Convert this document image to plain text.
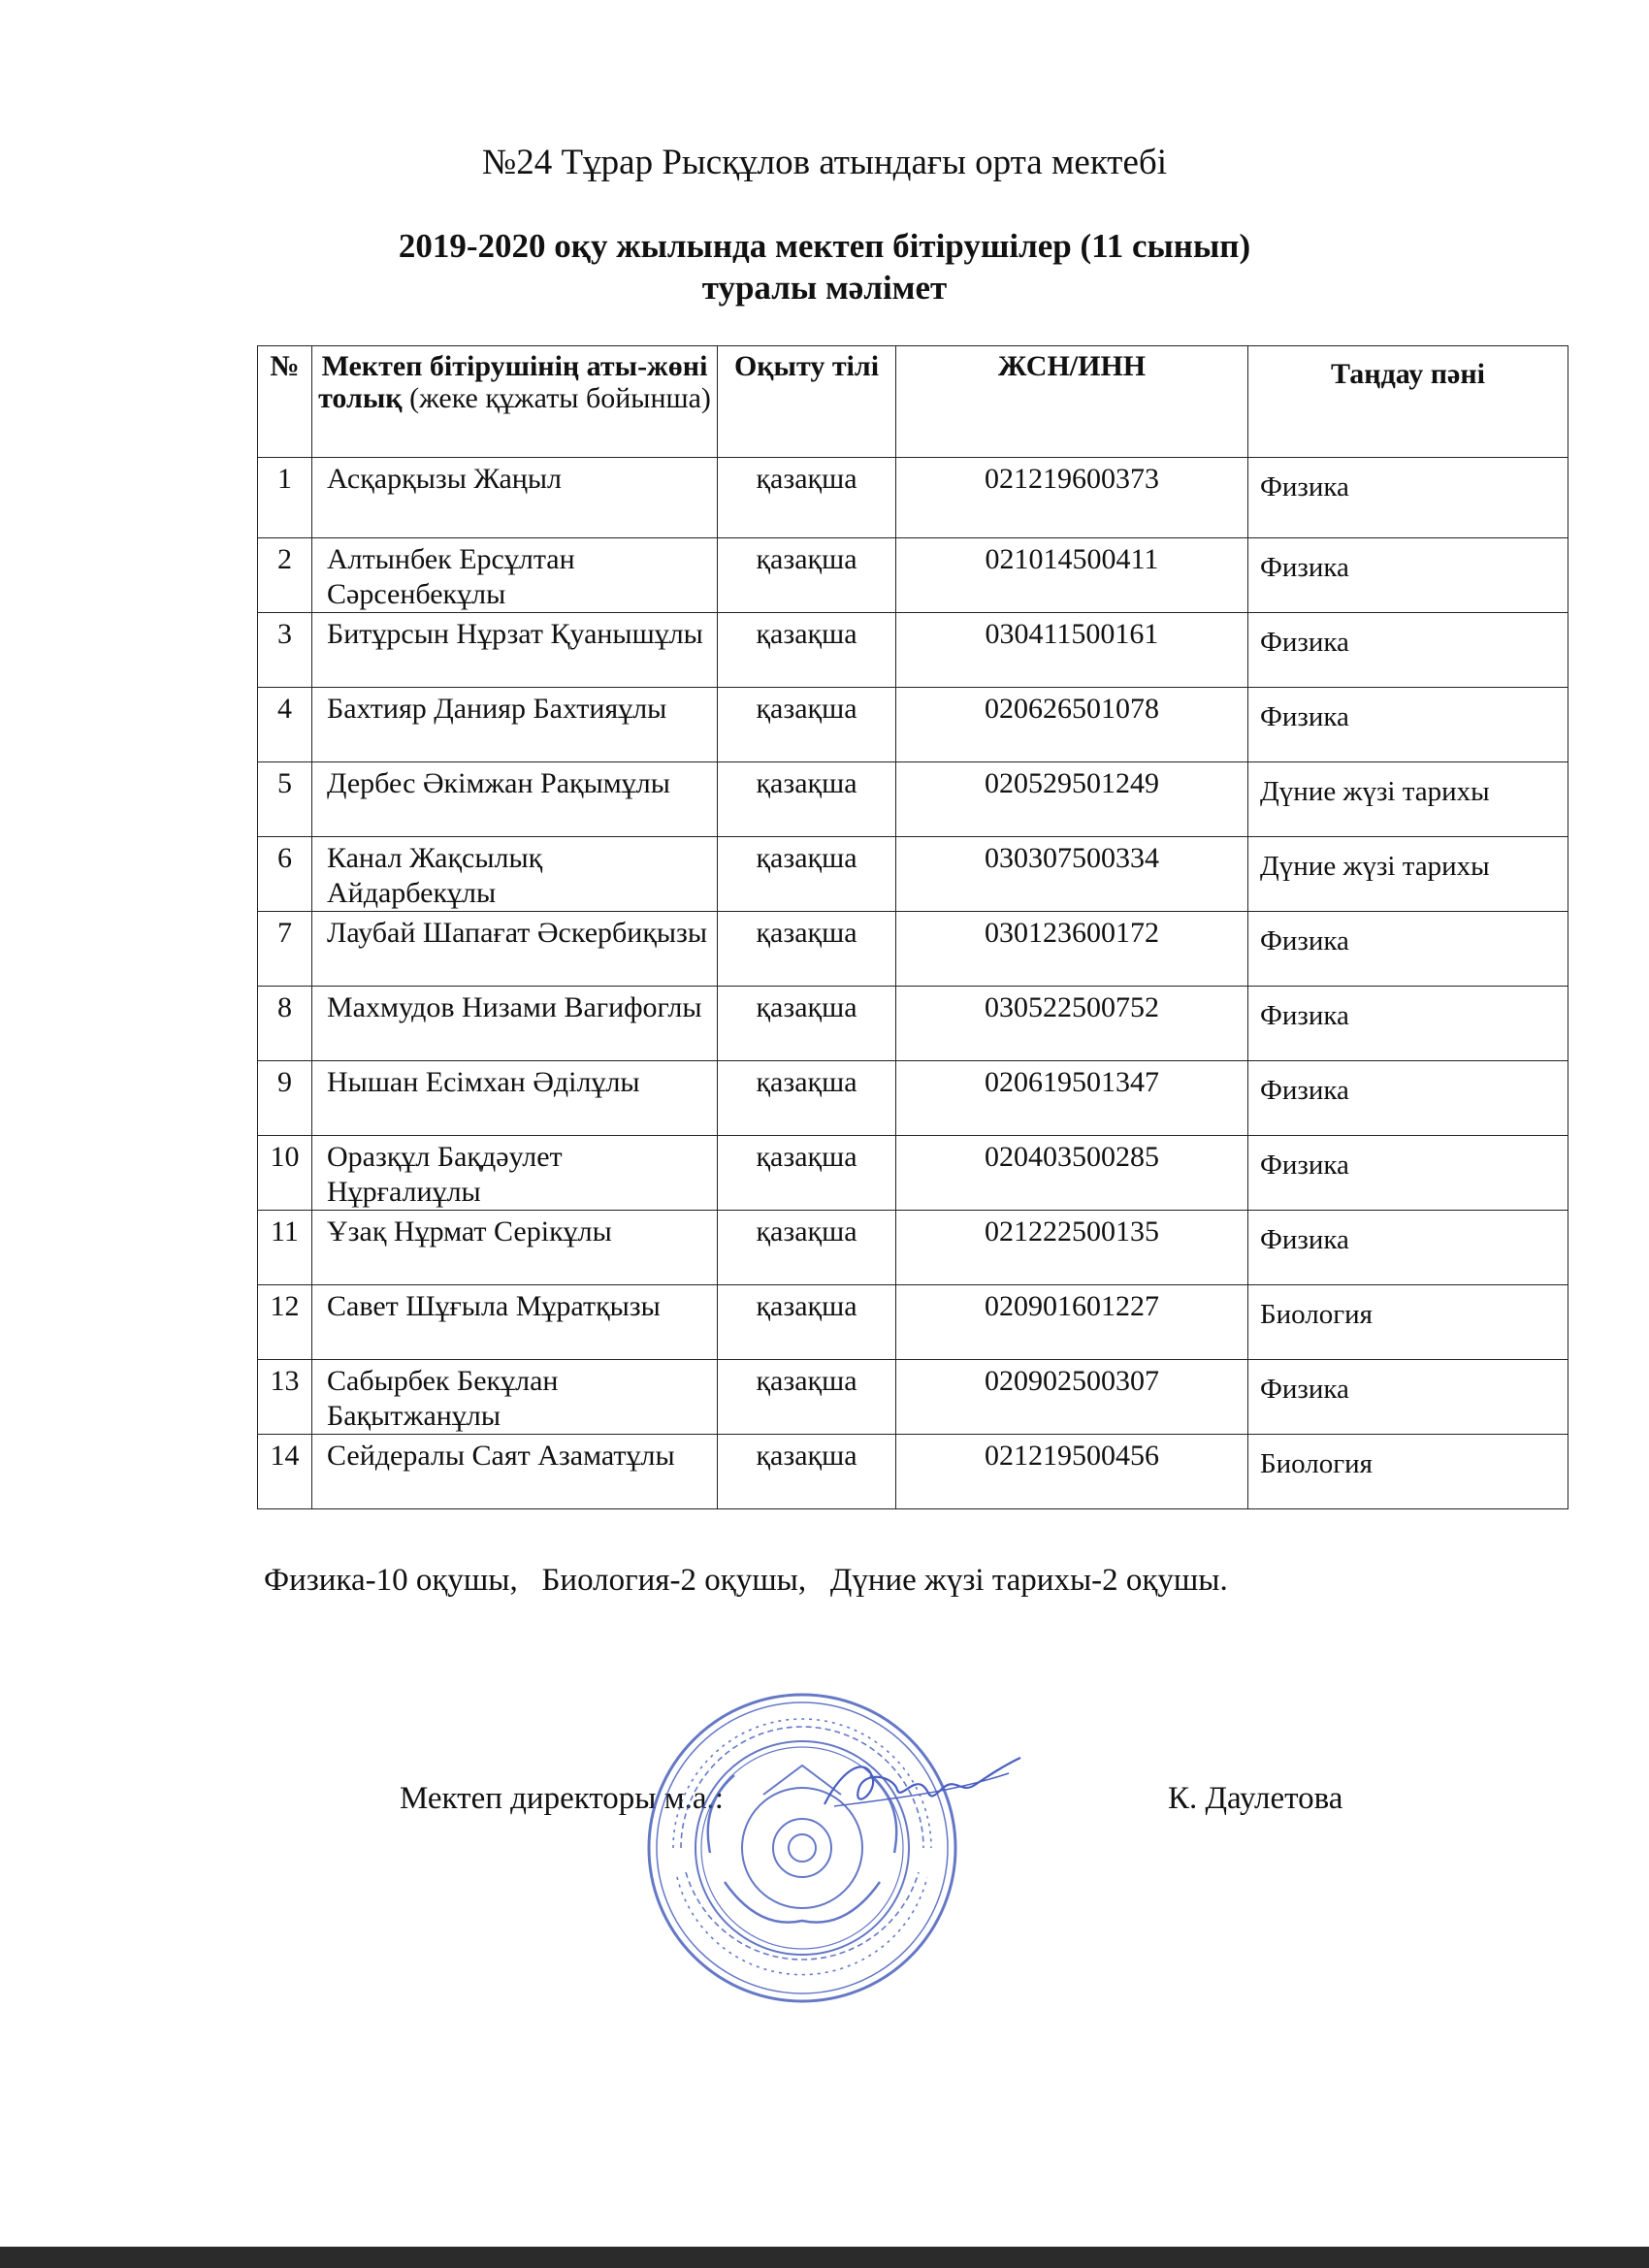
№24 Тұрар Рысқұлов атындағы орта мектебі
2019-2020 оқу жылында мектеп бітірушілер (11 сынып)
туралы мәлімет
№	Мектеп бітірушінің аты-жөні толық (жеке құжаты бойынша)	Оқыту тілі	ЖСН/ИНН	Таңдау пәні
1	Асқарқызы Жаңыл	қазақша	021219600373	Физика
2	Алтынбек Ерсұлтан Сәрсенбекұлы	қазақша	021014500411	Физика
3	Битұрсын Нұрзат Қуанышұлы	қазақша	030411500161	Физика
4	Бахтияр Данияр Бахтияұлы	қазақша	020626501078	Физика
5	Дербес Әкімжан Рақымұлы	қазақша	020529501249	Дүние жүзі тарихы
6	Канал Жақсылық Айдарбекұлы	қазақша	030307500334	Дүние жүзі тарихы
7	Лаубай Шапағат Әскербиқызы	қазақша	030123600172	Физика
8	Махмудов Низами Вагифоглы	қазақша	030522500752	Физика
9	Нышан Есімхан Әділұлы	қазақша	020619501347	Физика
10	Оразқұл Бақдәулет Нұрғалиұлы	қазақша	020403500285	Физика
11	Ұзақ Нұрмат Серікұлы	қазақша	021222500135	Физика
12	Савет Шұғыла Мұратқызы	қазақша	020901601227	Биология
13	Сабырбек Бекұлан Бақытжанұлы	қазақша	020902500307	Физика
14	Сейдералы Саят Азаматұлы	қазақша	021219500456	Биология
Физика-10 оқушы,   Биология-2 оқушы,   Дүние жүзі тарихы-2 оқушы.
Мектеп директоры м.а.:	К. Даулетова
